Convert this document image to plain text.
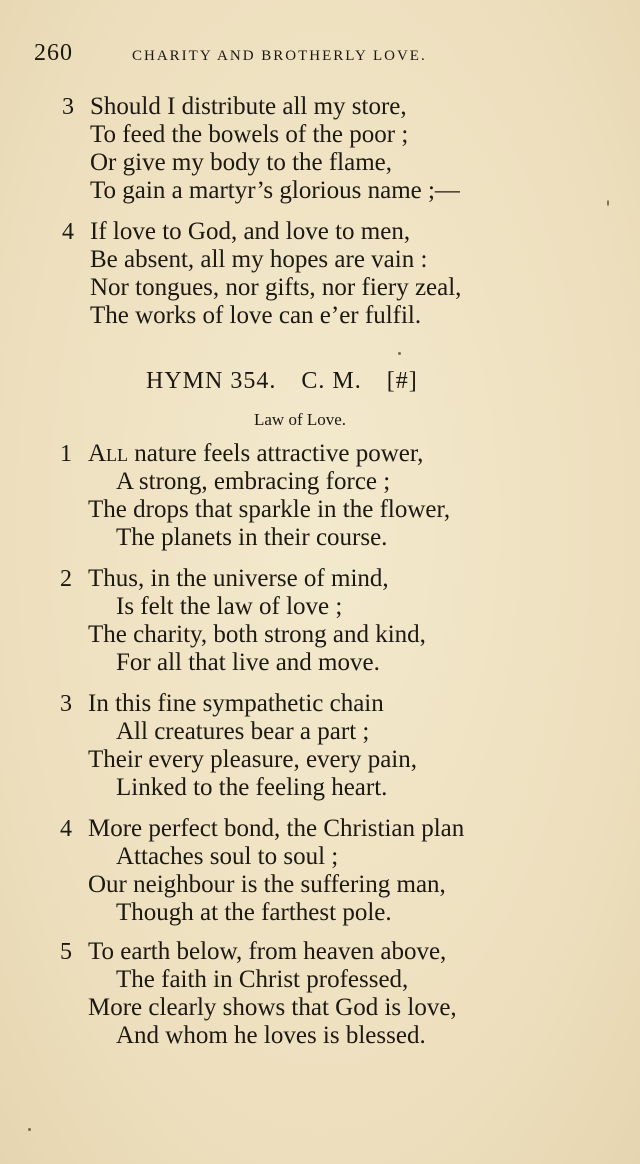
260	CHARITY AND BROTHERLY LOVE.
3 Should I distribute all my store,
To feed the bowels of the poor ;
Or give my body to the flame,
To gain a martyr’s glorious name ;—
4 If love to God, and love to men,
Be absent, all my hopes are vain :
Nor tongues, nor gifts, nor fiery zeal,
The works of love can e’er fulfil.
HYMN 354. C. M. [#]
Law of Love.
1 All nature feels attractive power,
A strong, embracing force ;
The drops that sparkle in the flower,
The planets in their course.
2 Thus, in the universe of mind,
Is felt the law of love ;
The charity, both strong and kind,
For all that live and move.
3 In this fine sympathetic chain
All creatures bear a part ;
Their every pleasure, every pain,
Linked to the feeling heart.
4 More perfect bond, the Christian plan
Attaches soul to soul ;
Our neighbour is the suffering man,
Though at the farthest pole.
5 To earth below, from heaven above,
The faith in Christ professed,
More clearly shows that God is love,
And whom he loves is blessed.
